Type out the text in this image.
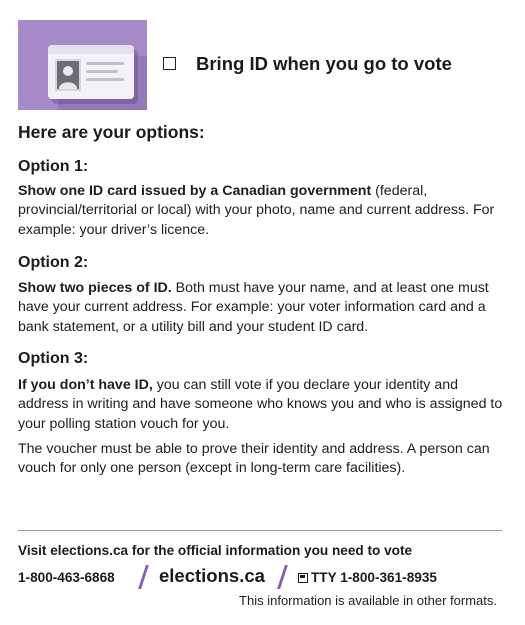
Bring ID when you go to vote
Here are your options:
Option 1:
Show one ID card issued by a Canadian government (federal, provincial/territorial or local) with your photo, name and current address. For example: your driver’s licence.
Option 2:
Show two pieces of ID. Both must have your name, and at least one must have your current address. For example: your voter information card and a bank statement, or a utility bill and your student ID card.
Option 3:
If you don’t have ID, you can still vote if you declare your identity and address in writing and have someone who knows you and who is assigned to your polling station vouch for you.
The voucher must be able to prove their identity and address. A person can vouch for only one person (except in long-term care facilities).
Visit elections.ca for the official information you need to vote
1-800-463-6868 elections.ca	TTY 1-800-361-8935
This information is available in other formats.
